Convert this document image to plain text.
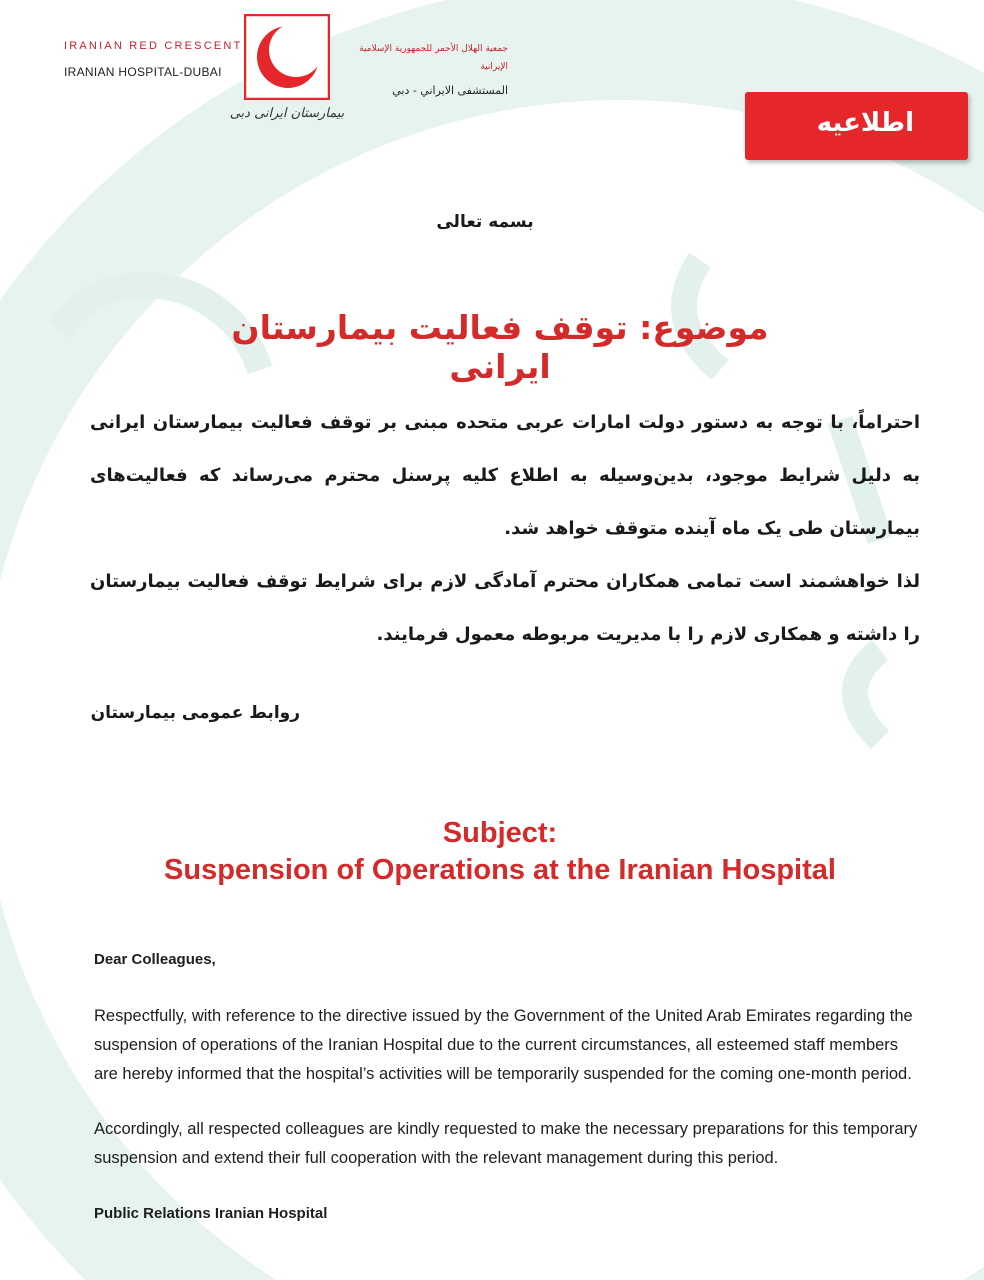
IRANIAN RED CRESCENT
IRANIAN HOSPITAL-DUBAI
بیمارستان ایرانی دبی
جمعية الهلال الأحمر للجمهورية الإسلامية الإيرانية
المستشفى الايراني - دبي
اطلاعیه
بسمه تعالی
موضوع: توقف فعالیت بیمارستان ایرانی

احتراماً، با توجه به دستور دولت امارات عربی متحده مبنی بر توقف فعالیت بیمارستان ایرانی به دلیل شرایط موجود، بدین‌وسیله به اطلاع کلیه پرسنل محترم می‌رساند که فعالیت‌های بیمارستان طی یک ماه آینده متوقف خواهد شد.

لذا خواهشمند است تمامی همکاران محترم آمادگی لازم برای شرایط توقف فعالیت بیمارستان را داشته و همکاری لازم را با مدیریت مربوطه معمول فرمایند.

روابط عمومی بیمارستان
Subject:
Suspension of Operations at the Iranian Hospital

Dear Colleagues,

Respectfully, with reference to the directive issued by the Government of the United Arab Emirates regarding the suspension of operations of the Iranian Hospital due to the current circumstances, all esteemed staff members are hereby informed that the hospital’s activities will be temporarily suspended for the coming one-month period.

Accordingly, all respected colleagues are kindly requested to make the necessary preparations for this temporary suspension and extend their full cooperation with the relevant management during this period.

Public Relations Iranian Hospital
